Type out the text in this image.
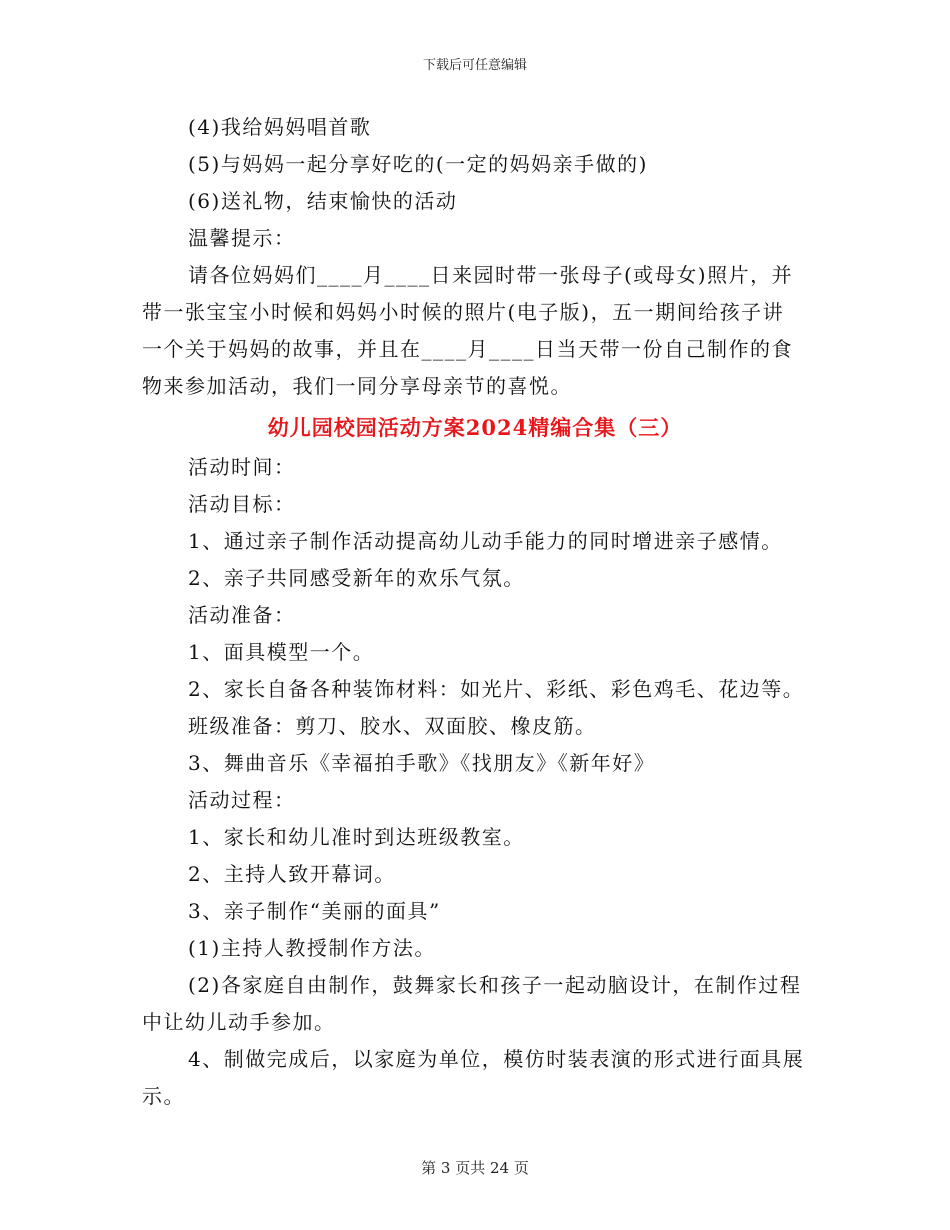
下载后可任意编辑
(4)我给妈妈唱首歌
(5)与妈妈一起分享好吃的(一定的妈妈亲手做的)
(6)送礼物，结束愉快的活动
温馨提示：
请各位妈妈们____月____日来园时带一张母子(或母女)照片，并
带一张宝宝小时候和妈妈小时候的照片(电子版)，五一期间给孩子讲
一个关于妈妈的故事，并且在____月____日当天带一份自己制作的食
物来参加活动，我们一同分享母亲节的喜悦。
幼儿园校园活动方案2024精编合集（三）
活动时间：
活动目标：
1、通过亲子制作活动提高幼儿动手能力的同时增进亲子感情。
2、亲子共同感受新年的欢乐气氛。
活动准备：
1、面具模型一个。
2、家长自备各种装饰材料：如光片、彩纸、彩色鸡毛、花边等。
班级准备：剪刀、胶水、双面胶、橡皮筋。
3、舞曲音乐《幸福拍手歌》《找朋友》《新年好》
活动过程：
1、家长和幼儿准时到达班级教室。
2、主持人致开幕词。
3、亲子制作“美丽的面具”
(1)主持人教授制作方法。
(2)各家庭自由制作，鼓舞家长和孩子一起动脑设计，在制作过程
中让幼儿动手参加。
4、制做完成后，以家庭为单位，模仿时装表演的形式进行面具展
示。
第 3 页共 24 页
